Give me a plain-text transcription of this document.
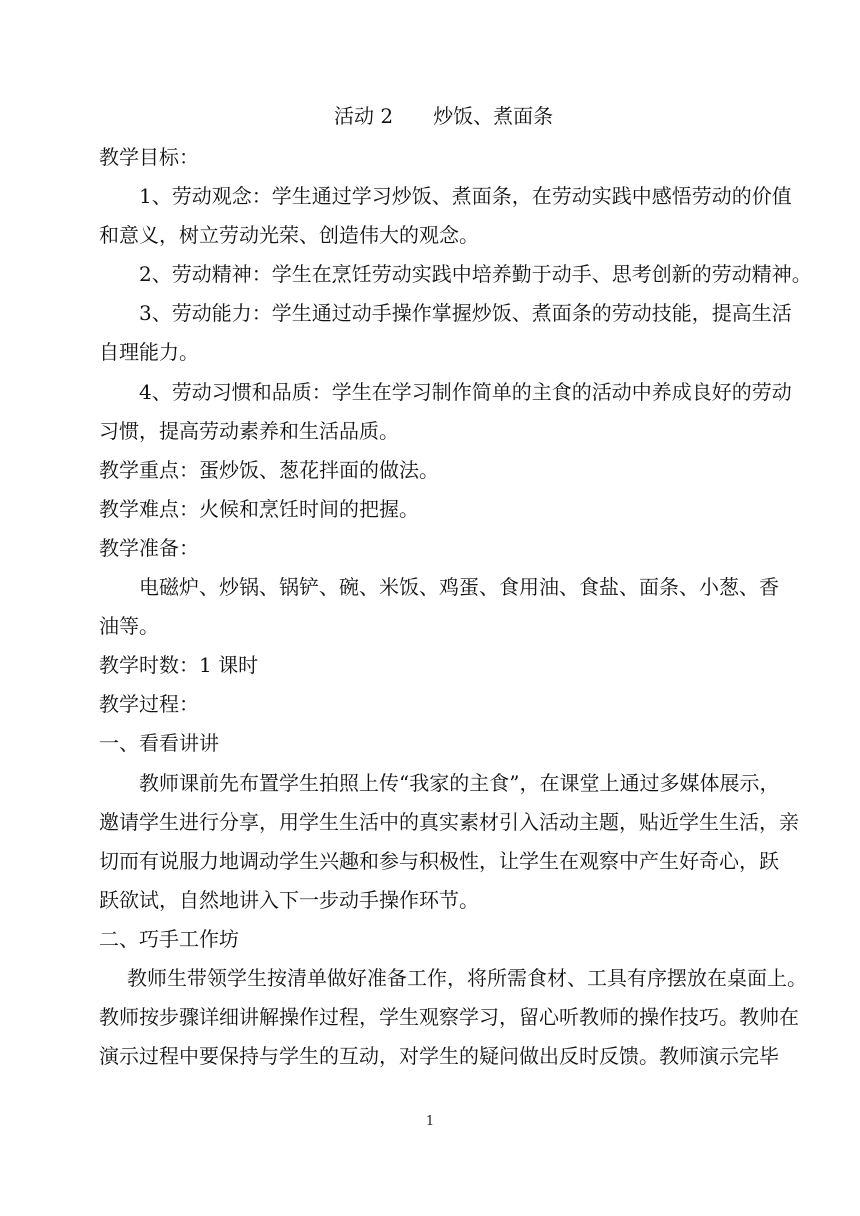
活动 2　　炒饭、煮面条
教学目标：
1、劳动观念：学生通过学习炒饭、煮面条，在劳动实践中感悟劳动的价值
和意义，树立劳动光荣、创造伟大的观念。
2、劳动精神：学生在烹饪劳动实践中培养勤于动手、思考创新的劳动精神。
3、劳动能力：学生通过动手操作掌握炒饭、煮面条的劳动技能，提高生活
自理能力。
4、劳动习惯和品质：学生在学习制作简单的主食的活动中养成良好的劳动
习惯，提高劳动素养和生活品质。
教学重点：蛋炒饭、葱花拌面的做法。
教学难点：火候和烹饪时间的把握。
教学准备：
电磁炉、炒锅、锅铲、碗、米饭、鸡蛋、食用油、食盐、面条、小葱、香
油等。
教学时数：1 课时
教学过程：
一、看看讲讲
教师课前先布置学生拍照上传“我家的主食”，在课堂上通过多媒体展示，
邀请学生进行分享，用学生生活中的真实素材引入活动主题，贴近学生生活，亲
切而有说服力地调动学生兴趣和参与积极性，让学生在观察中产生好奇心，跃
跃欲试，自然地讲入下一步动手操作环节。
二、巧手工作坊
教师生带领学生按清单做好准备工作，将所需食材、工具有序摆放在桌面上。
教师按步骤详细讲解操作过程，学生观察学习，留心听教师的操作技巧。教帅在
演示过程中要保持与学生的互动，对学生的疑问做出反时反馈。教师演示完毕
1
